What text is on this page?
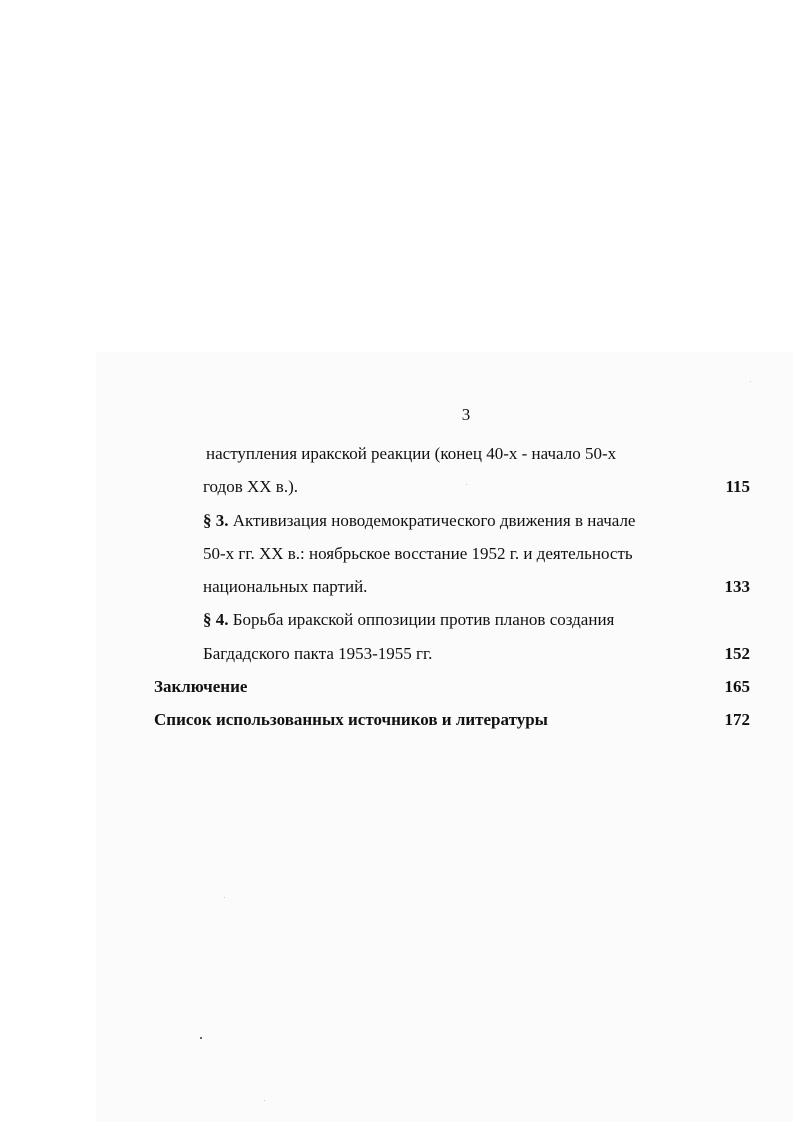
3
наступления иракской реакции (конец 40-х - начало 50-х
годов XX в.).	115
§ 3. Активизация новодемократического движения в начале
50-х гг. XX в.: ноябрьское восстание 1952 г. и деятельность
национальных партий.	133
§ 4. Борьба иракской оппозиции против планов создания
Багдадского пакта 1953-1955 гг.	152
Заключение	165
Список использованных источников и литературы	172
